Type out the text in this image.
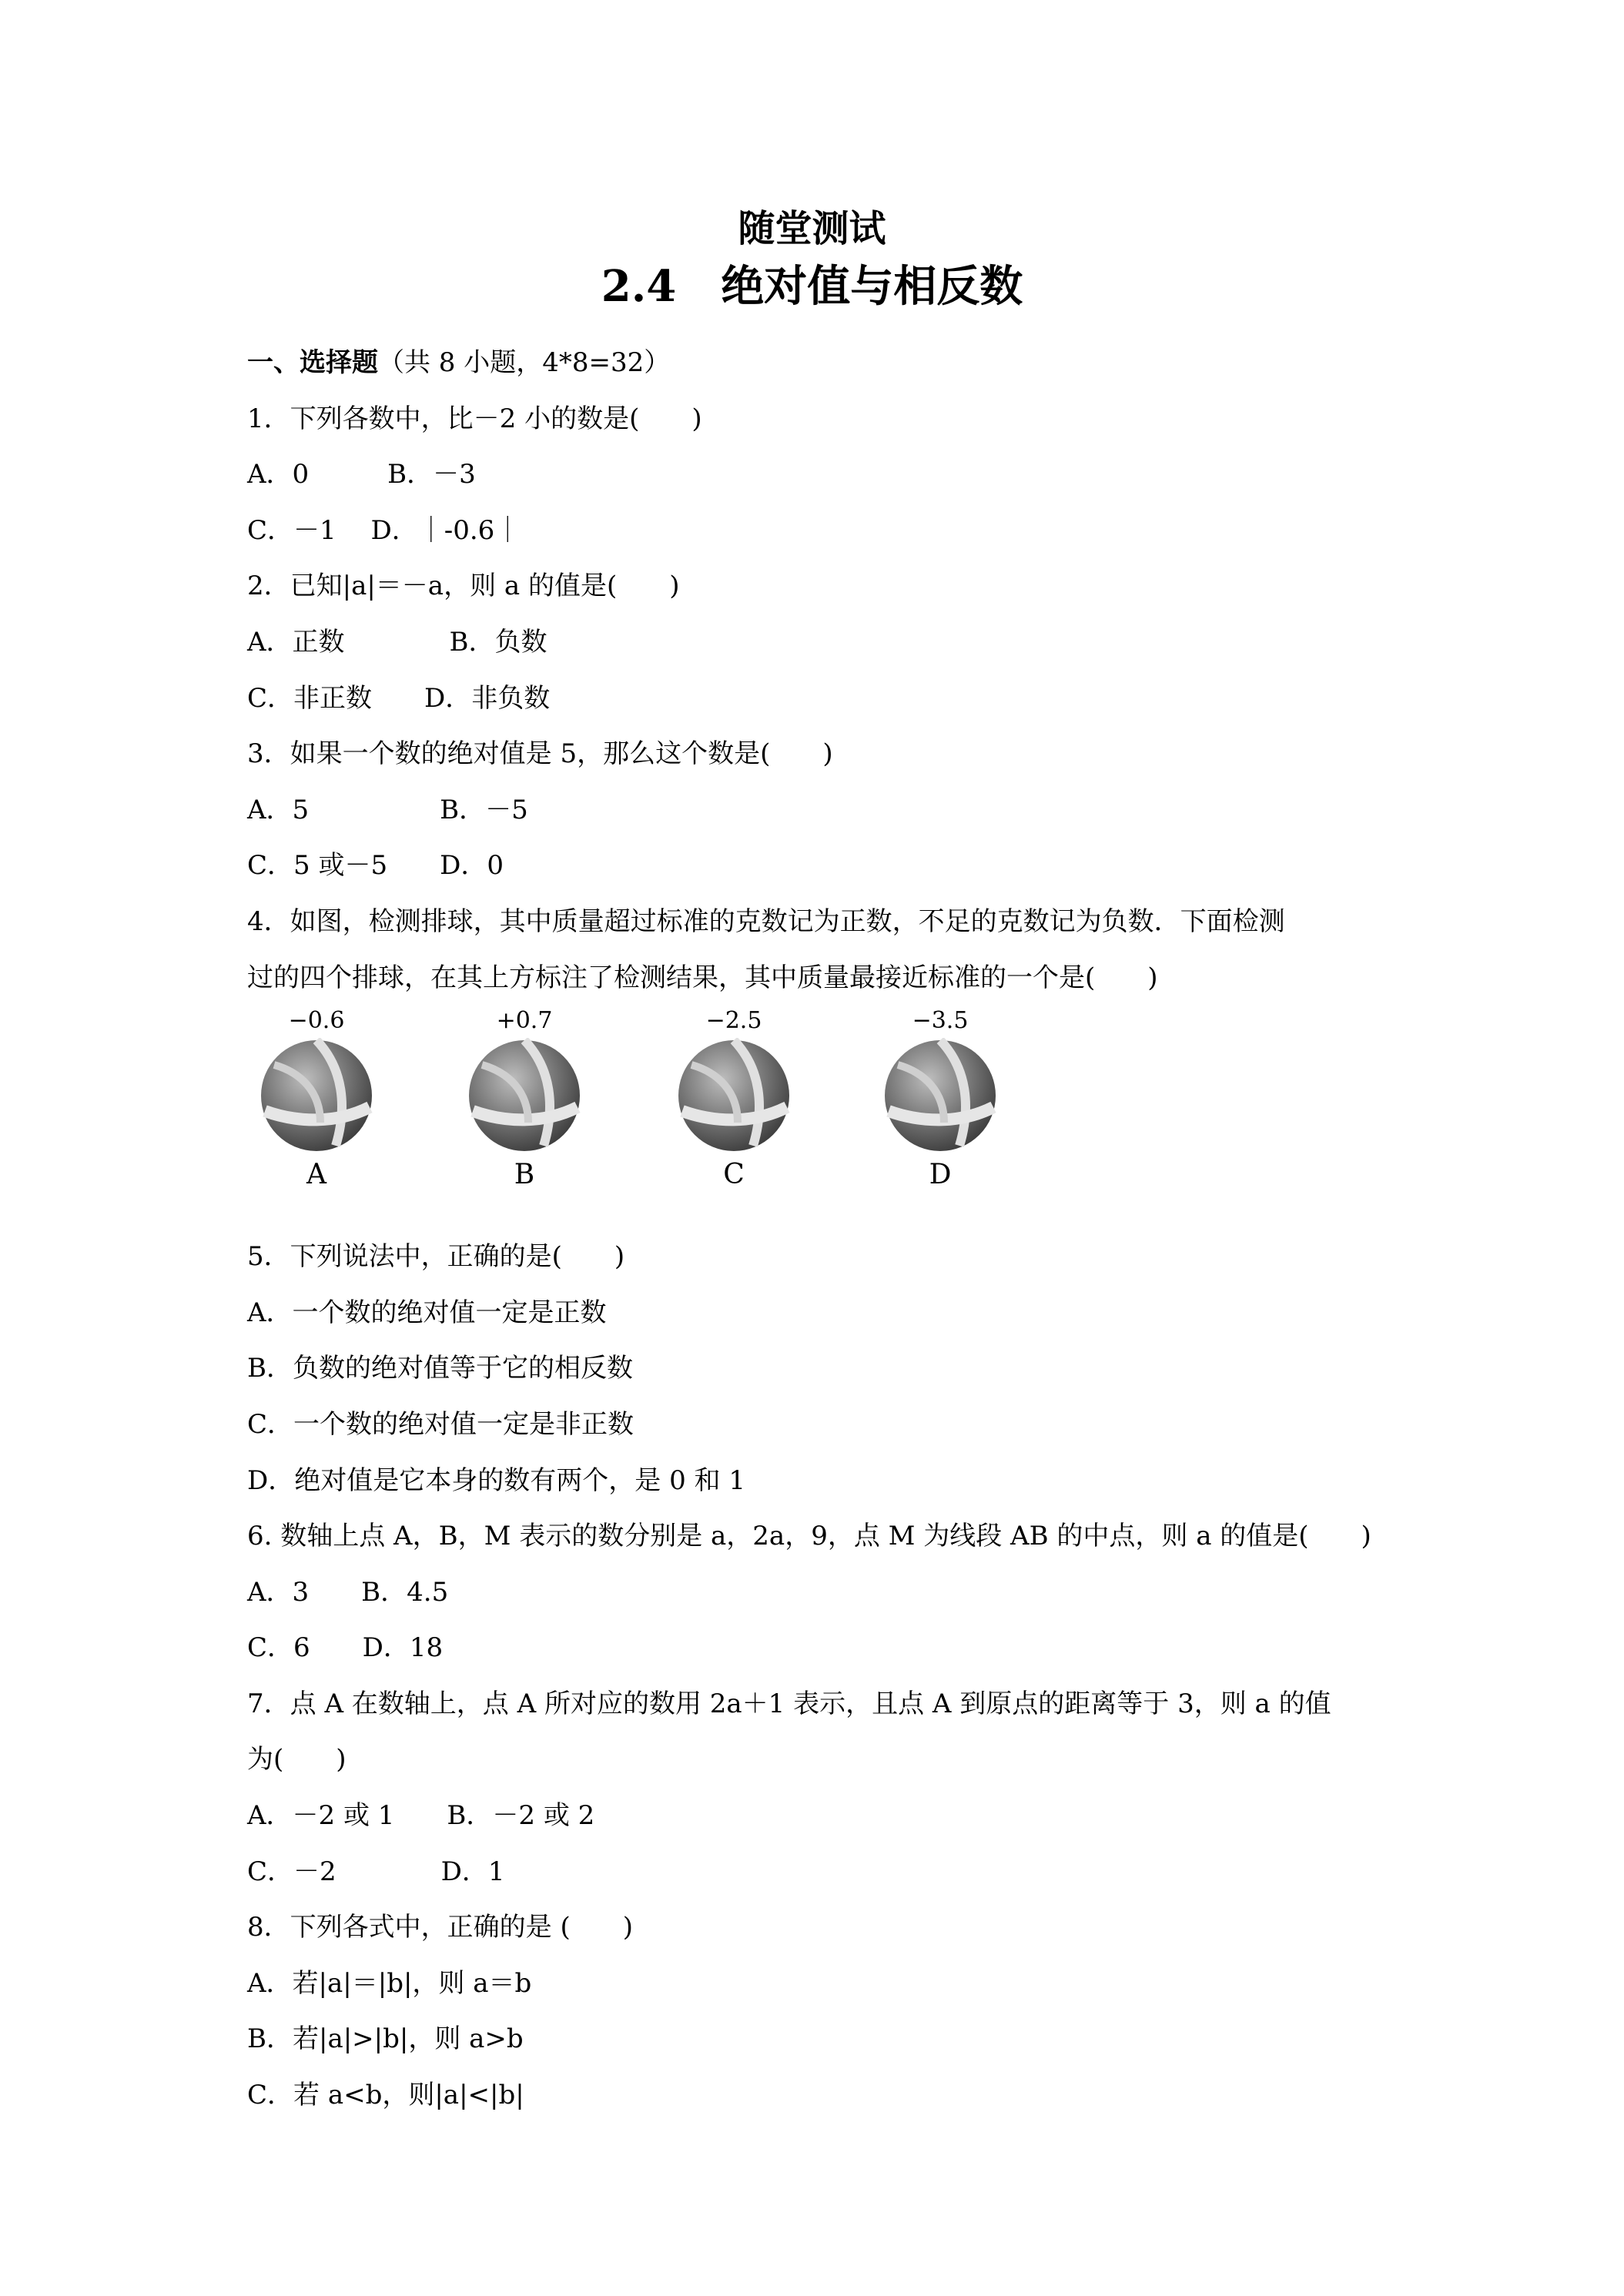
随堂测试
2.4 绝对值与相反数
一、选择题（共 8 小题，4*8=32）
1．下列各数中，比－2 小的数是(　　)
A．0　　　B．－3
C．－1　 D．｜-0.6｜
2．已知|a|＝－a，则 a 的值是(　　)
A．正数　　　　B．负数
C．非正数　　D．非负数
3．如果一个数的绝对值是 5，那么这个数是(　　)
A．5　　　　　B．－5
C．5 或－5　　D．0
4．如图，检测排球，其中质量超过标准的克数记为正数，不足的克数记为负数．下面检测
过的四个排球，在其上方标注了检测结果，其中质量最接近标准的一个是(　　)
−0.6
A
+0.7
B
−2.5
C
−3.5
D
5．下列说法中，正确的是(　　)
A．一个数的绝对值一定是正数
B．负数的绝对值等于它的相反数
C．一个数的绝对值一定是非正数
D．绝对值是它本身的数有两个，是 0 和 1
6. 数轴上点 A，B，M 表示的数分别是 a，2a，9，点 M 为线段 AB 的中点，则 a 的值是(　　)
A．3　　B．4.5
C．6　　D．18
7．点 A 在数轴上，点 A 所对应的数用 2a＋1 表示，且点 A 到原点的距离等于 3，则 a 的值
为(　　)
A．－2 或 1　　B．－2 或 2
C．－2　　　　D．1
8．下列各式中，正确的是 (　　)
A．若|a|＝|b|，则 a＝b
B．若|a|>|b|，则 a>b
C．若 a<b，则|a|<|b|
